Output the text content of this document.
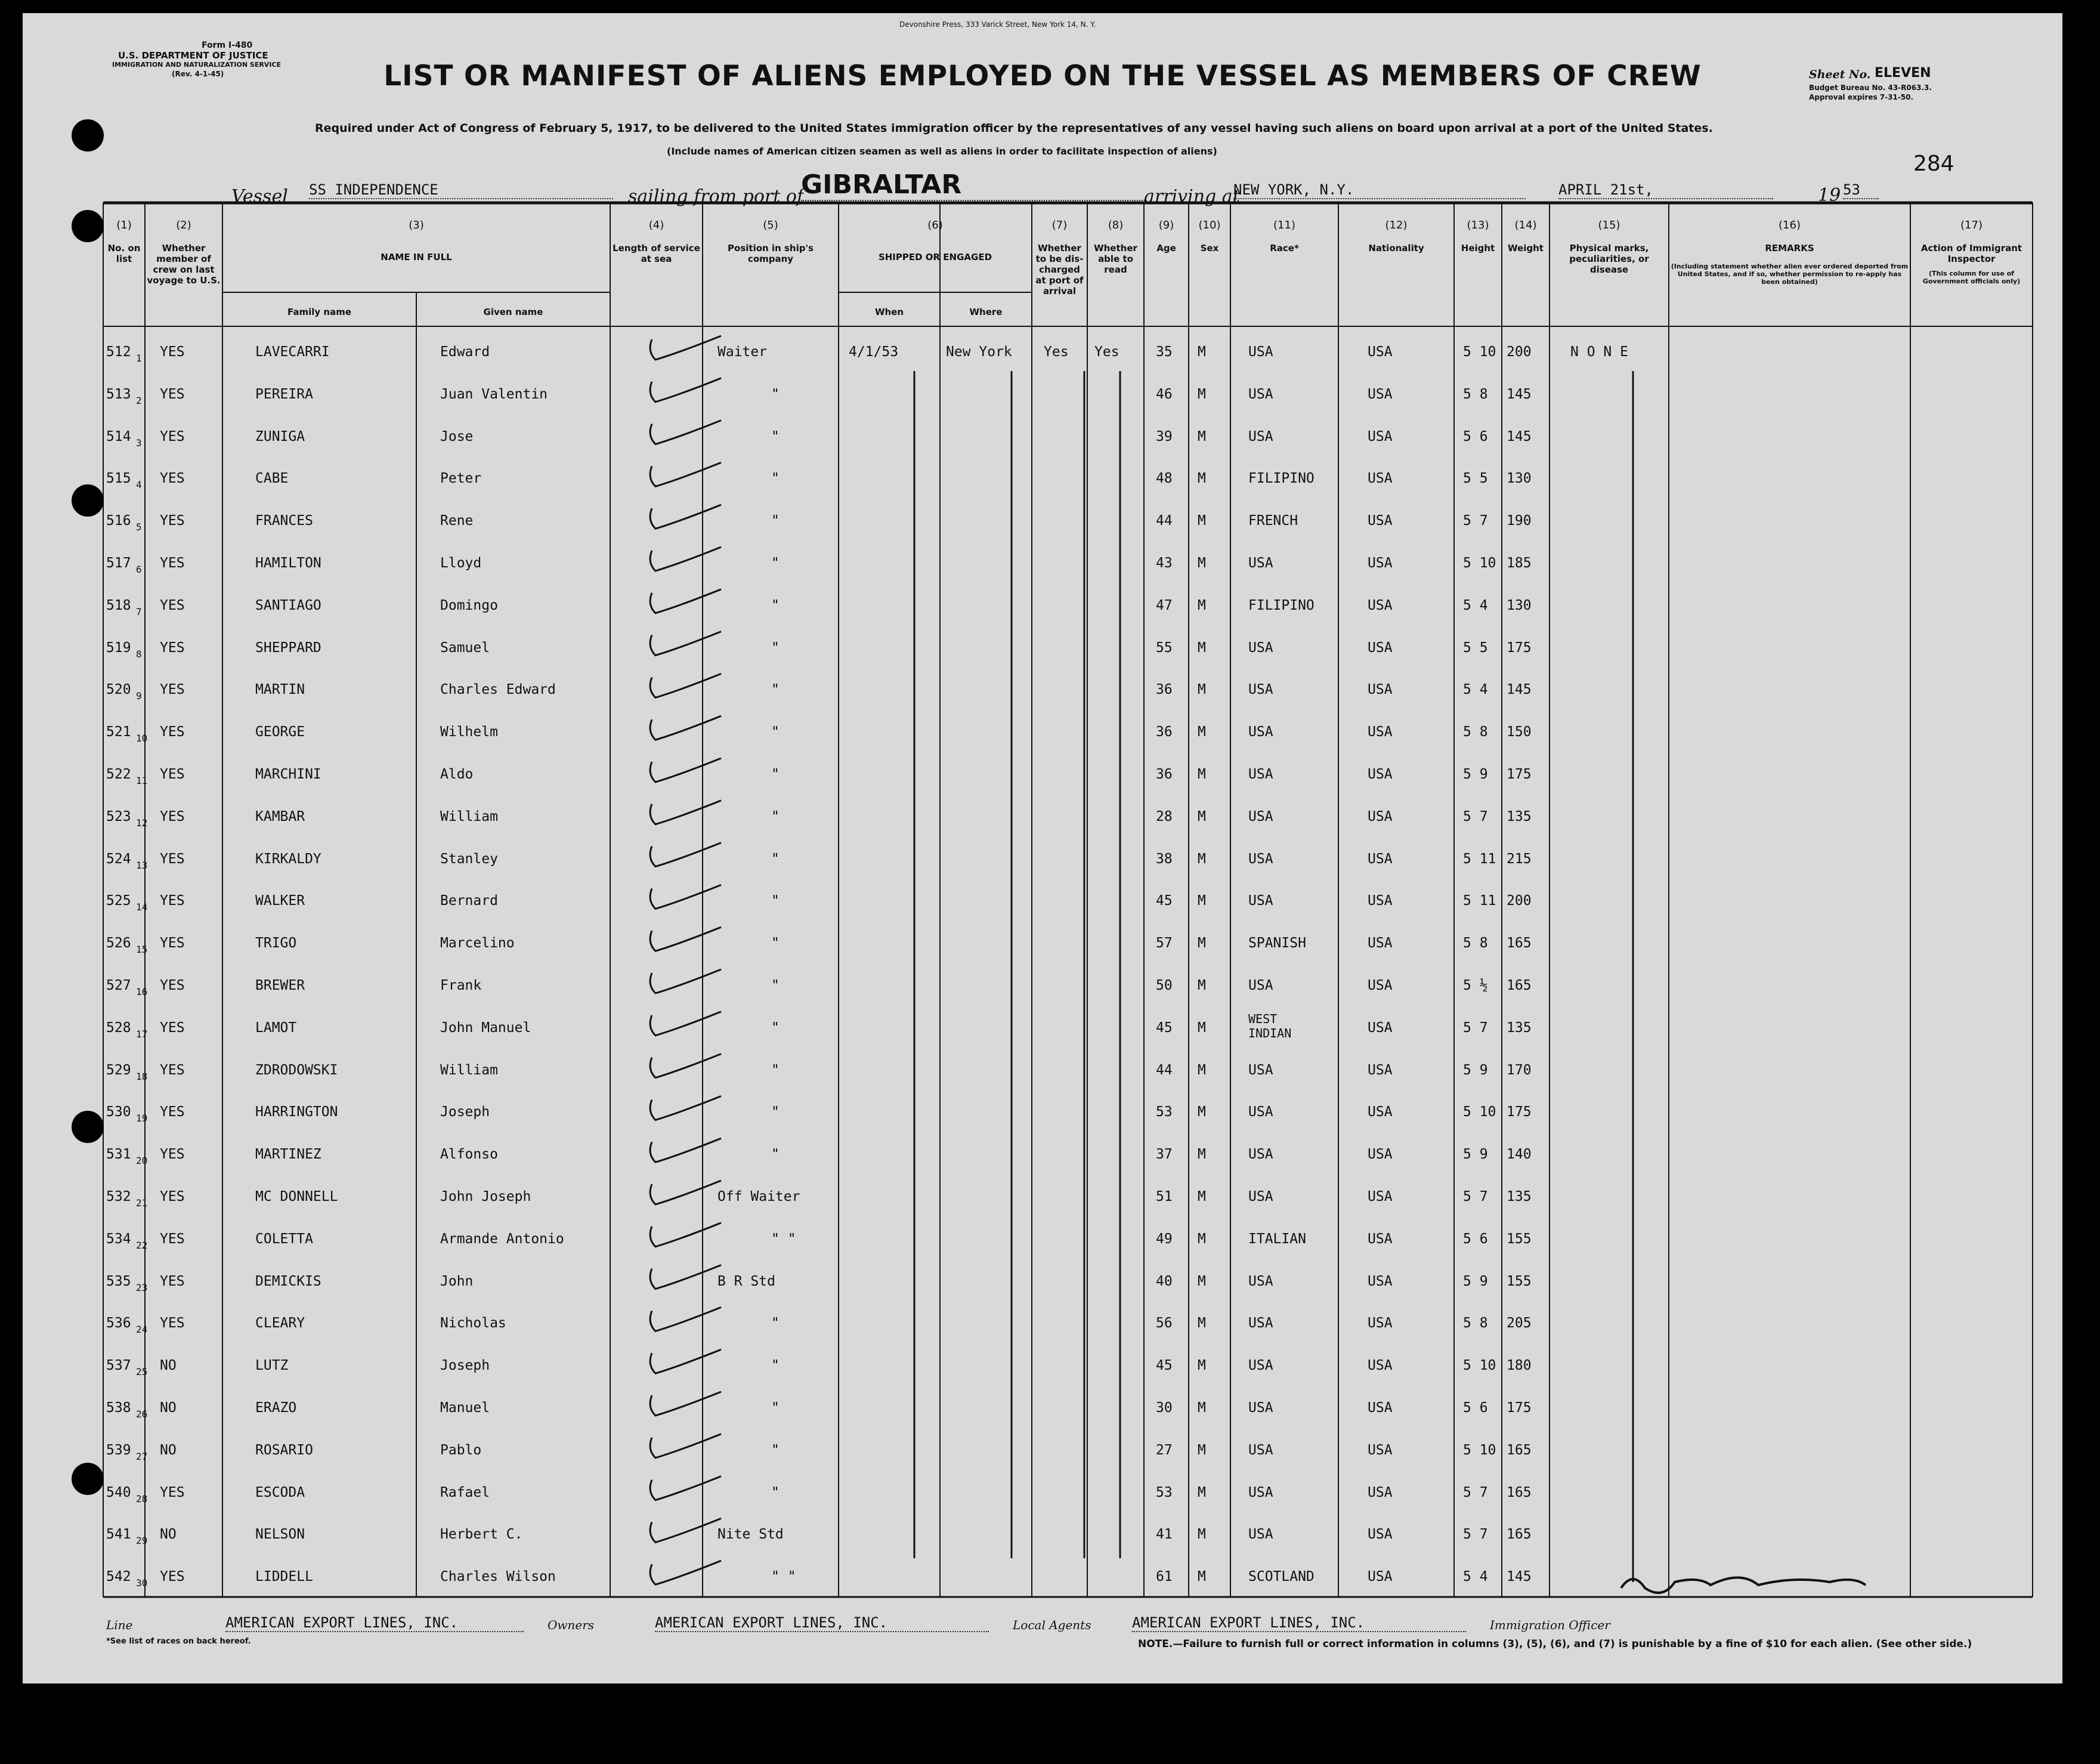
Devonshire Press, 333 Varick Street, New York 14, N. Y.
Form I-480
U.S. DEPARTMENT OF JUSTICE
IMMIGRATION AND NATURALIZATION SERVICE
(Rev. 4-1-45)	LIST OR MANIFEST OF ALIENS EMPLOYED ON THE VESSEL AS MEMBERS OF CREW
Required under Act of Congress of February 5, 1917, to be delivered to the United States immigration officer by the representatives of any vessel having such aliens on board upon arrival at a port of the United States.
(Include names of American citizen seamen as well as aliens in order to facilitate inspection of aliens)
Sheet No. ELEVEN
Budget Bureau No. 43-R063.3.
Approval expires 7-31-50.
284
Vessel SS INDEPENDENCE	sailing from port of
GIBRALTAR	arriving at
NEW YORK, N.Y.	APRIL 21st,	19 53
(1)
No. on list
(2)
Whether member of crew on last voyage to U.S.
(3)
NAME IN FULL
(4)
Length of service at sea
(5)
Position in ship's company
(6)
SHIPPED OR ENGAGED
(7)
Whether to be dis-charged at port of arrival
(8)
Whether able to read
(9)
Age
(10)
Sex
(11)
Race*
(12)
Nationality
(13)
Height
(14)
Weight
(15)
Physical marks, peculiarities, or disease
(16)
REMARKS
(17)
Action of Immigrant Inspector
Family name	Given name	When	Where
(Including statement whether alien ever ordered deported from United States, and if so, whether permission to re-apply has been obtained)
(This column for use of Government officials only)
512 YES	LAVECARRI	Edward	Waiter	4/1/53	New York Yes Yes	35 M	USA	USA	5 10 200	N O N E
1
513 YES	PEREIRA	Juan Valentin	"	46 M	USA	USA	5 8 145
2
514 YES	ZUNIGA	Jose	"	39 M	USA	USA	5 6 145
3
515 YES	CABE	Peter	"	48 M	FILIPINO	USA	5 5 130
4
516 YES	FRANCES	Rene	"	44 M	FRENCH	USA	5 7 190
5
517 YES	HAMILTON	Lloyd	"	43 M	USA	USA	5 10 185
6
518 YES	SANTIAGO	Domingo	"	47 M	FILIPINO	USA	5 4 130
7
519 YES	SHEPPARD	Samuel	"	55 M	USA	USA	5 5 175
8
520 YES	MARTIN	Charles Edward	"	36 M	USA	USA	5 4 145
9
521 YES	GEORGE	Wilhelm	"	36 M	USA	USA	5 8 150
10
522 YES	MARCHINI	Aldo	"	36 M	USA	USA	5 9 175
11
523 YES	KAMBAR	William	"	28 M	USA	USA	5 7 135
12
524 YES	KIRKALDY	Stanley	"	38 M	USA	USA	5 11 215
13
525 YES	WALKER	Bernard	"	45 M	USA	USA	5 11 200
14
526 YES	TRIGO	Marcelino	"	57 M	SPANISH	USA	5 8 165
15
527 YES	BREWER	Frank	"	50 M	USA	USA	5 ½ 165
16
528 YES	LAMOT	John Manuel	"	45 M
WEST INDIAN	USA	5 7 135
17
529 YES	ZDRODOWSKI	William	"	44 M	USA	USA	5 9 170
18
530 YES	HARRINGTON	Joseph	"	53 M	USA	USA	5 10 175
19
531 YES	MARTINEZ	Alfonso	"	37 M	USA	USA	5 9 140
20
532 YES	MC DONNELL	John Joseph	Off Waiter	51 M	USA	USA	5 7 135
21
534 YES	COLETTA	Armande Antonio	" "	49 M	ITALIAN	USA	5 6 155
22
535 YES	DEMICKIS	John	B R Std	40 M	USA	USA	5 9 155
23
536 YES	CLEARY	Nicholas	"	56 M	USA	USA	5 8 205
24
537 NO	LUTZ	Joseph	"	45 M	USA	USA	5 10 180
25
538 NO	ERAZO	Manuel	"	30 M	USA	USA	5 6 175
26
539 NO	ROSARIO	Pablo	"	27 M	USA	USA	5 10 165
27
540 YES	ESCODA	Rafael	"	53 M	USA	USA	5 7 165
28
541 NO	NELSON	Herbert C.	Nite Std	41 M	USA	USA	5 7 165
29
542 YES	LIDDELL	Charles Wilson	" "	61 M	SCOTLAND	USA	5 4 145
30
Line	AMERICAN EXPORT LINES, INC.	Owners	AMERICAN EXPORT LINES, INC.	Local Agents	AMERICAN EXPORT LINES, INC.	Immigration Officer
*See list of races on back hereof.	NOTE.—Failure to furnish full or correct information in columns (3), (5), (6), and (7) is punishable by a fine of $10 for each alien. (See other side.)
